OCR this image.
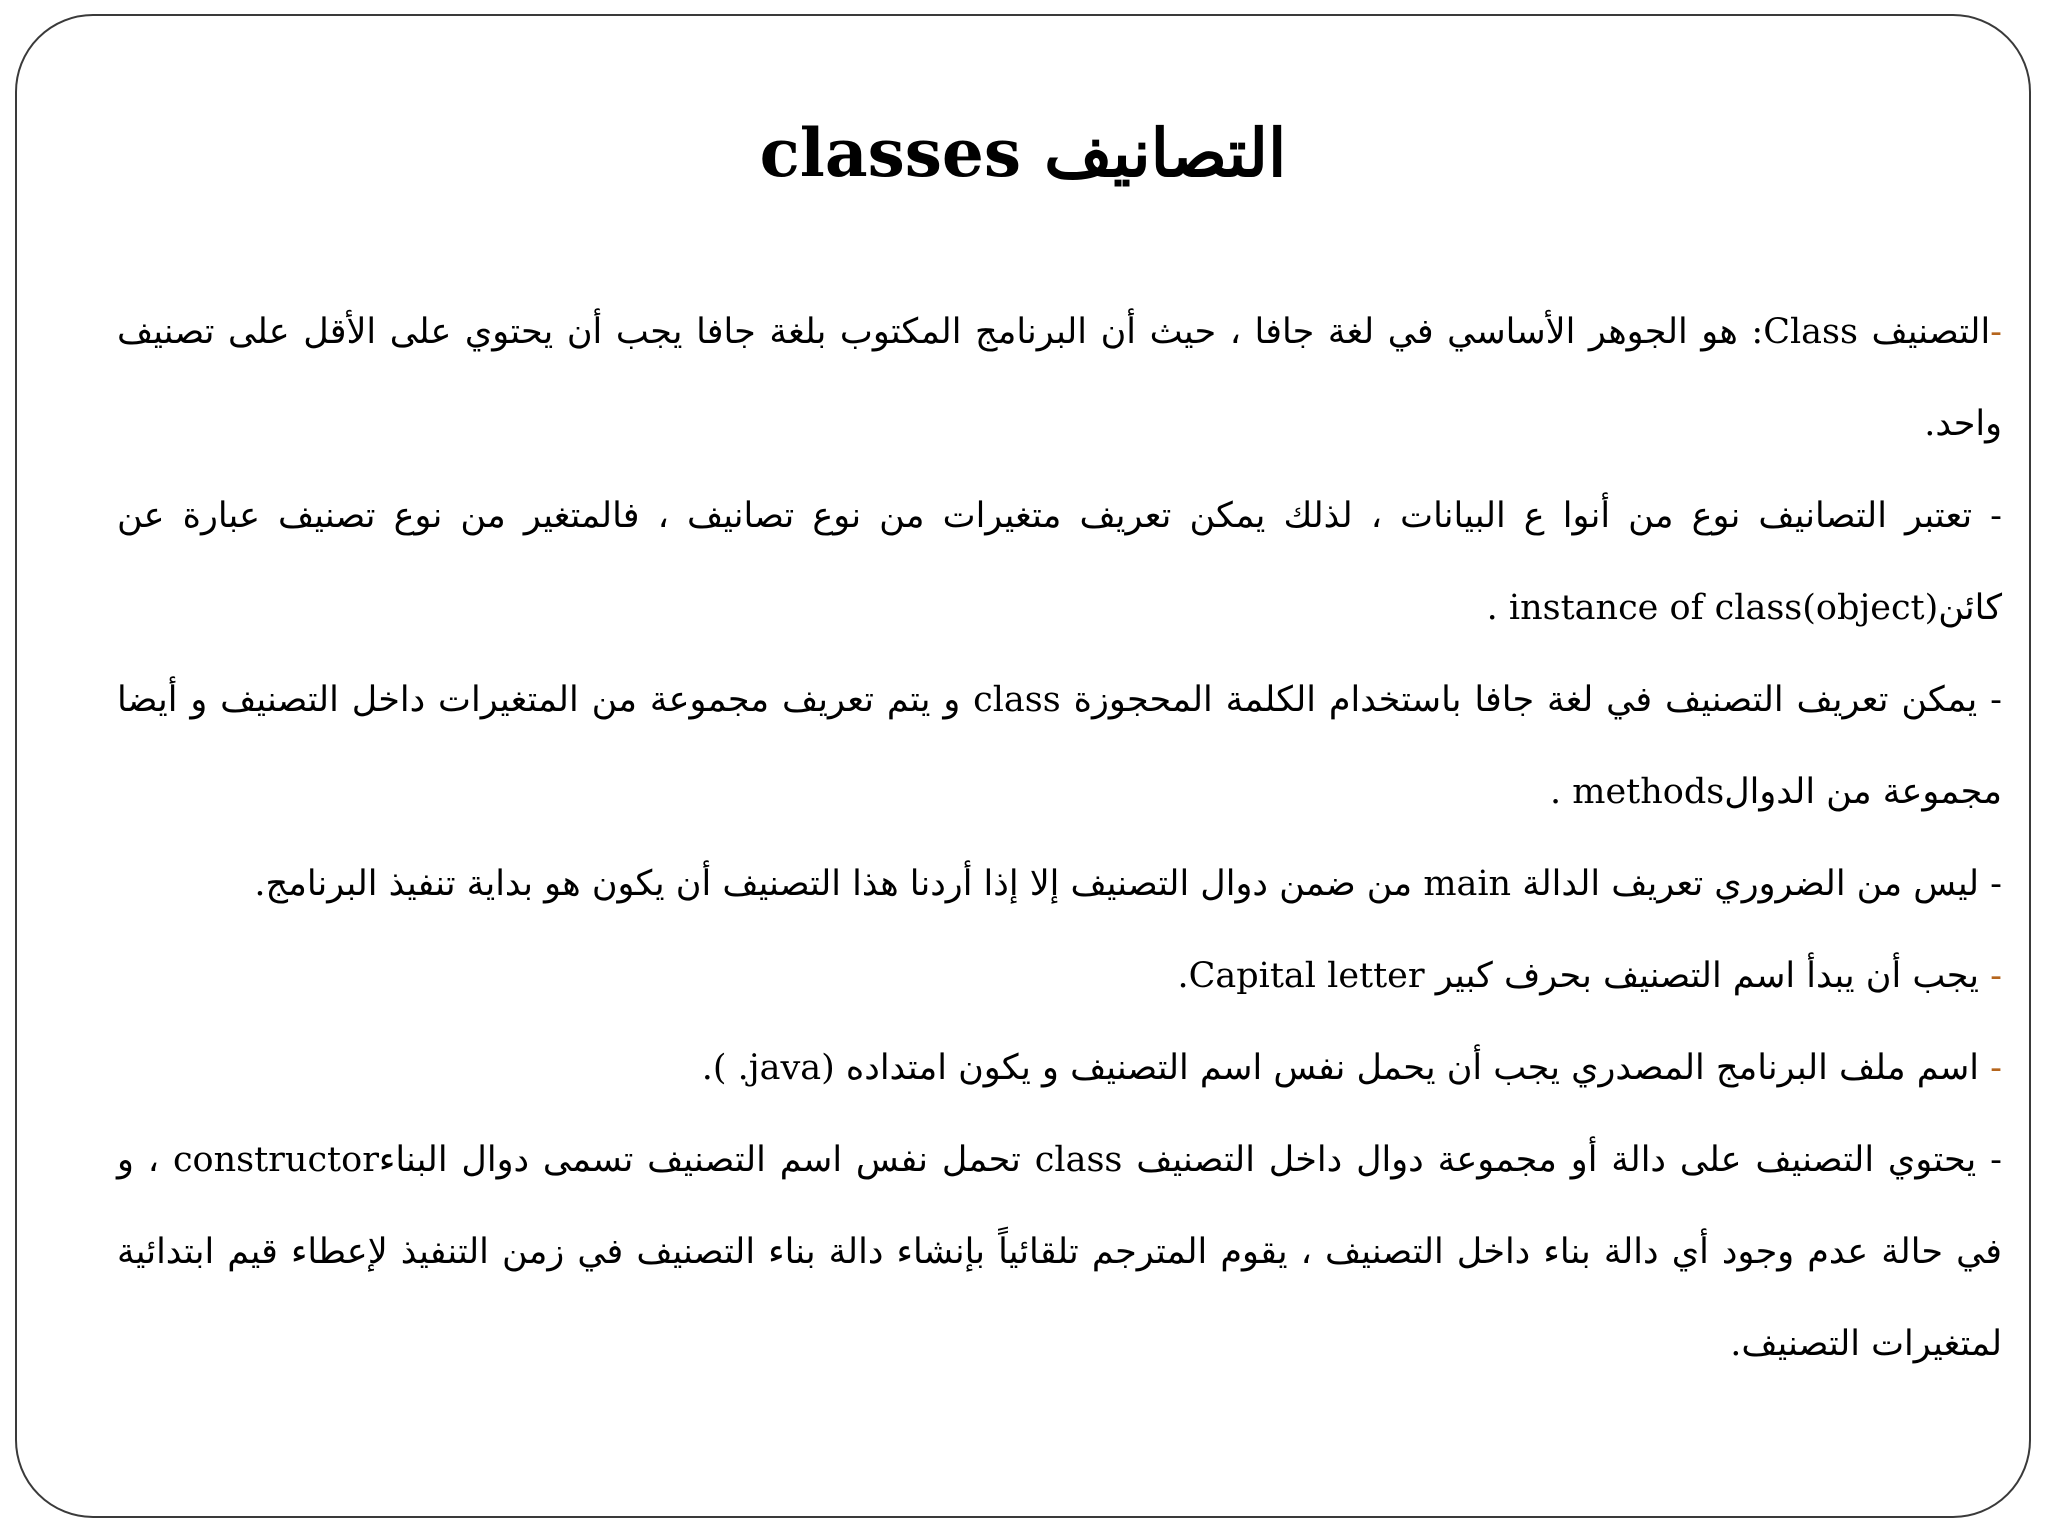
التصانيف classes

-التصنيف Class: هو الجوهر الأساسي في لغة جافا ، حيث أن البرنامج المكتوب بلغة جافا يجب أن يحتوي على الأقل على تصنيف واحد.

- تعتبر التصانيف نوع من أنوا ع البيانات ، لذلك يمكن تعريف متغيرات من نوع تصانيف ، فالمتغير من نوع تصنيف عبارة عن كائن(instance of class(object .

- يمكن تعريف التصنيف في لغة جافا باستخدام الكلمة المحجوزة class و يتم تعريف مجموعة من المتغيرات داخل التصنيف و أيضا مجموعة من الدوالmethods .

- ليس من الضروري تعريف الدالة main من ضمن دوال التصنيف إلا إذا أردنا هذا التصنيف أن يكون هو بداية تنفيذ البرنامج.

- يجب أن يبدأ اسم التصنيف بحرف كبير Capital letter.

- اسم ملف البرنامج المصدري يجب أن يحمل نفس اسم التصنيف و يكون امتداده (java. ).

- يحتوي التصنيف على دالة أو مجموعة دوال داخل التصنيف class تحمل نفس اسم التصنيف تسمى دوال البناءconstructor ، و في حالة عدم وجود أي دالة بناء داخل التصنيف ، يقوم المترجم تلقائياً بإنشاء دالة بناء التصنيف في زمن التنفيذ لإعطاء قيم ابتدائية لمتغيرات التصنيف.
